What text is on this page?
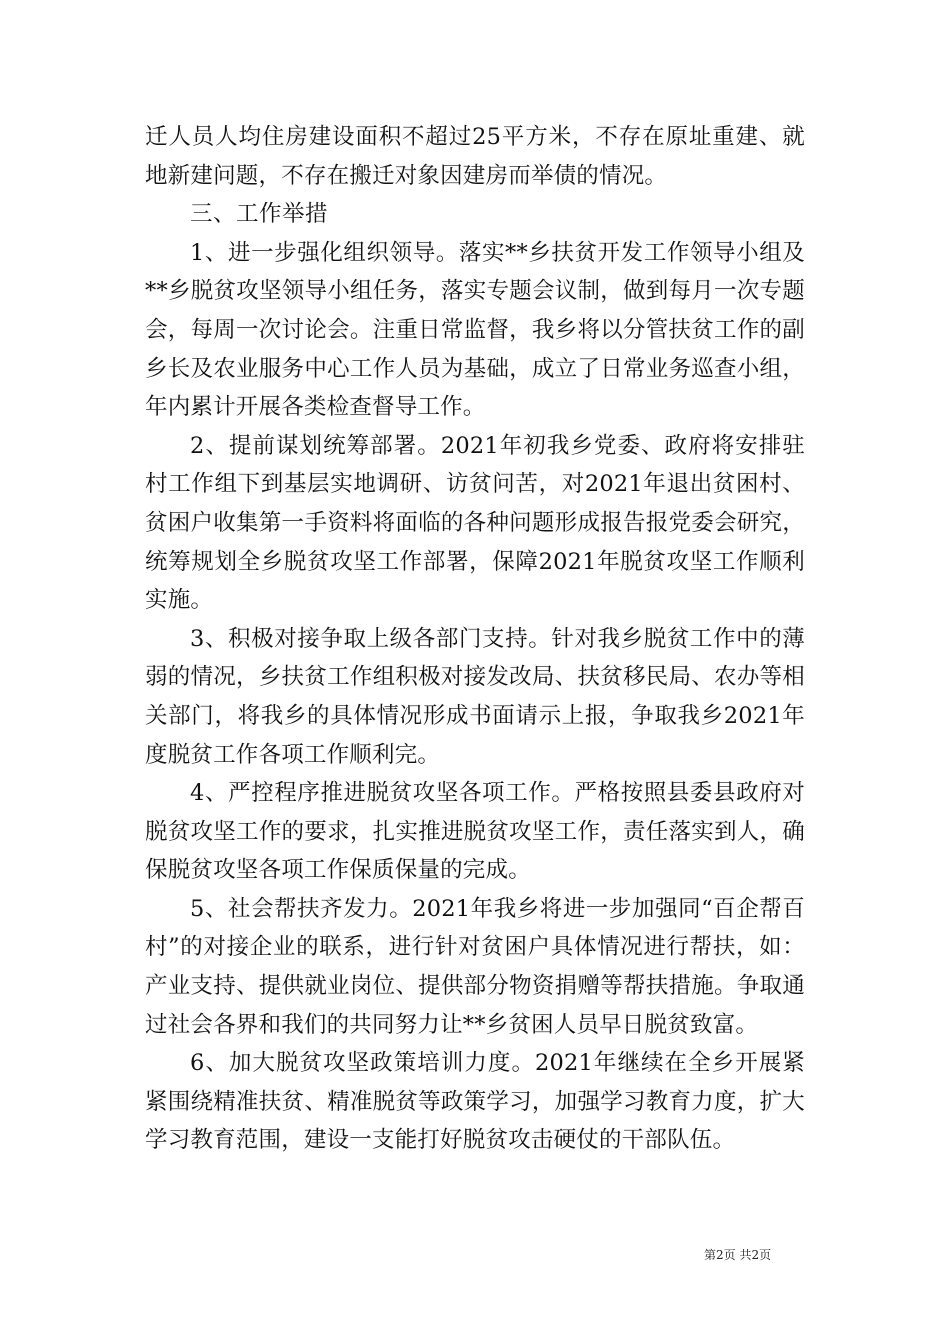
迁人员人均住房建设面积不超过25平方米，不存在原址重建、就地新建问题，不存在搬迁对象因建房而举债的情况。

三、工作举措

1、进一步强化组织领导。落实**乡扶贫开发工作领导小组及**乡脱贫攻坚领导小组任务，落实专题会议制，做到每月一次专题会，每周一次讨论会。注重日常监督，我乡将以分管扶贫工作的副乡长及农业服务中心工作人员为基础，成立了日常业务巡查小组，年内累计开展各类检查督导工作。

2、提前谋划统筹部署。2021年初我乡党委、政府将安排驻村工作组下到基层实地调研、访贫问苦，对2021年退出贫困村、贫困户收集第一手资料将面临的各种问题形成报告报党委会研究，统筹规划全乡脱贫攻坚工作部署，保障2021年脱贫攻坚工作顺利实施。

3、积极对接争取上级各部门支持。针对我乡脱贫工作中的薄弱的情况，乡扶贫工作组积极对接发改局、扶贫移民局、农办等相关部门，将我乡的具体情况形成书面请示上报，争取我乡2021年度脱贫工作各项工作顺利完。

4、严控程序推进脱贫攻坚各项工作。严格按照县委县政府对脱贫攻坚工作的要求，扎实推进脱贫攻坚工作，责任落实到人，确保脱贫攻坚各项工作保质保量的完成。

5、社会帮扶齐发力。2021年我乡将进一步加强同“百企帮百村”的对接企业的联系，进行针对贫困户具体情况进行帮扶，如：产业支持、提供就业岗位、提供部分物资捐赠等帮扶措施。争取通过社会各界和我们的共同努力让**乡贫困人员早日脱贫致富。

6、加大脱贫攻坚政策培训力度。2021年继续在全乡开展紧紧围绕精准扶贫、精准脱贫等政策学习，加强学习教育力度，扩大学习教育范围，建设一支能打好脱贫攻击硬仗的干部队伍。

第2页 共2页
